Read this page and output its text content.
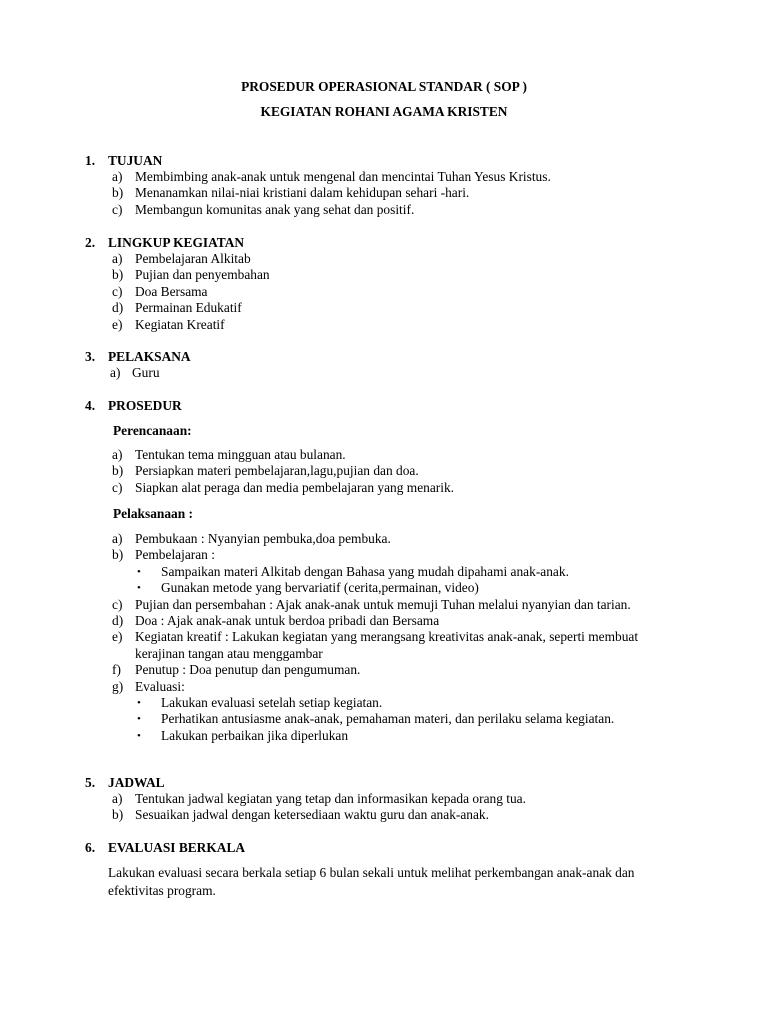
PROSEDUR OPERASIONAL STANDAR ( SOP )
KEGIATAN ROHANI AGAMA KRISTEN
1. TUJUAN
a) Membimbing anak-anak untuk mengenal dan mencintai Tuhan Yesus Kristus.
b) Menanamkan nilai-niai kristiani dalam kehidupan sehari -hari.
c) Membangun komunitas anak yang sehat dan positif.
2. LINGKUP KEGIATAN
a) Pembelajaran Alkitab
b) Pujian dan penyembahan
c) Doa Bersama
d) Permainan Edukatif
e) Kegiatan Kreatif
3. PELAKSANA
a) Guru
4. PROSEDUR
Perencanaan:
a) Tentukan tema mingguan atau bulanan.
b) Persiapkan materi pembelajaran,lagu,pujian dan doa.
c) Siapkan alat peraga dan media pembelajaran yang menarik.
Pelaksanaan :
a) Pembukaan : Nyanyian pembuka,doa pembuka.
b) Pembelajaran :
• Sampaikan materi Alkitab dengan Bahasa yang mudah dipahami anak-anak.
• Gunakan metode yang bervariatif (cerita,permainan, video)
c) Pujian dan persembahan : Ajak anak-anak untuk memuji Tuhan melalui nyanyian dan tarian.
d) Doa : Ajak anak-anak untuk berdoa pribadi dan Bersama
e) Kegiatan kreatif : Lakukan kegiatan yang merangsang kreativitas anak-anak, seperti membuat kerajinan tangan atau menggambar
f) Penutup : Doa penutup dan pengumuman.
g) Evaluasi:
• Lakukan evaluasi setelah setiap kegiatan.
• Perhatikan antusiasme anak-anak, pemahaman materi, dan perilaku selama kegiatan.
• Lakukan perbaikan jika diperlukan
5. JADWAL
a) Tentukan jadwal kegiatan yang tetap dan informasikan kepada orang tua.
b) Sesuaikan jadwal dengan ketersediaan waktu guru dan anak-anak.
6. EVALUASI BERKALA
Lakukan evaluasi secara berkala setiap 6 bulan sekali untuk melihat perkembangan anak-anak dan efektivitas program.
